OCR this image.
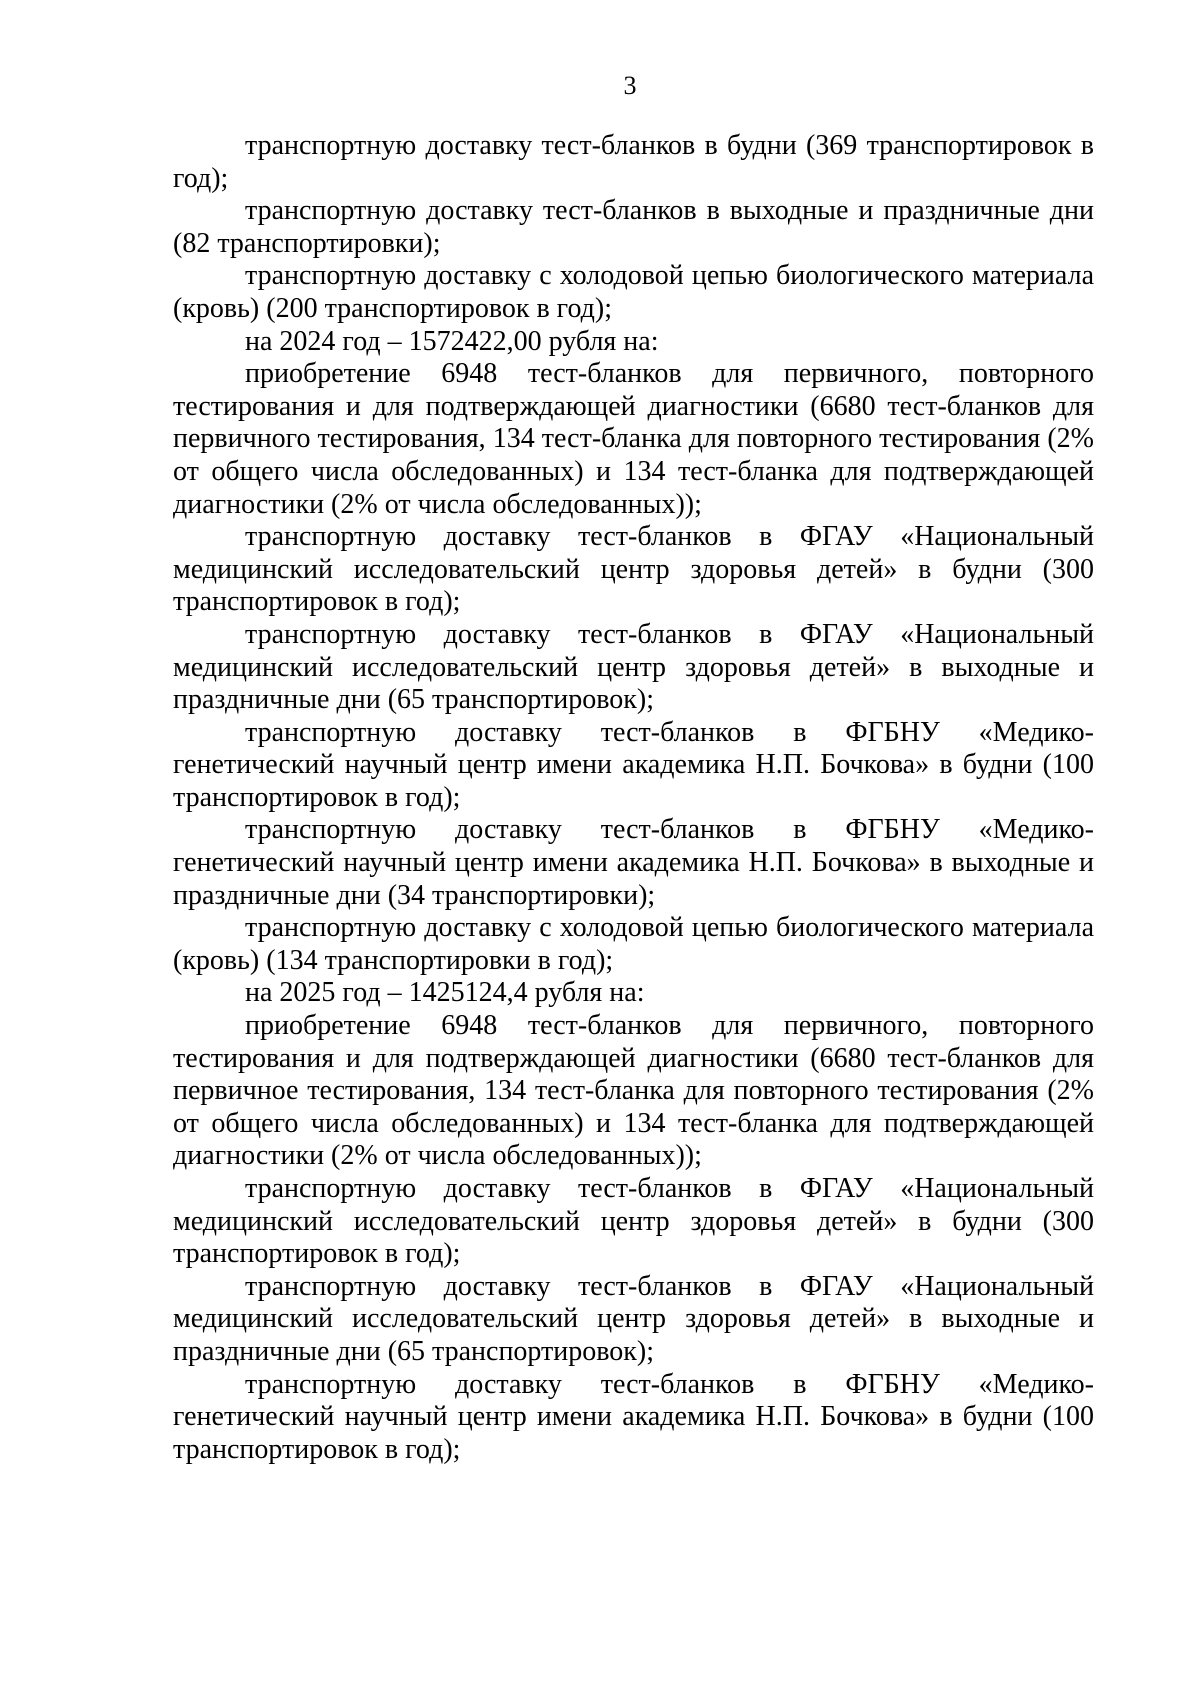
3

транспортную доставку тест-бланков в будни (369 транспортировок в год);

транспортную доставку тест-бланков в выходные и праздничные дни (82 транспортировки);

транспортную доставку с холодовой цепью биологического материала (кровь) (200 транспортировок в год);

на 2024 год – 1572422,00 рубля на:

приобретение 6948 тест-бланков для первичного, повторного тестирования и для подтверждающей диагностики (6680 тест-бланков для первичного тестирования, 134 тест-бланка для повторного тестирования (2% от общего числа обследованных) и 134 тест-бланка для подтверждающей диагностики (2% от числа обследованных));

транспортную доставку тест-бланков в ФГАУ «Национальный медицинский исследовательский центр здоровья детей» в будни (300 транспортировок в год);

транспортную доставку тест-бланков в ФГАУ «Национальный медицинский исследовательский центр здоровья детей» в выходные и праздничные дни (65 транспортировок);

транспортную доставку тест-бланков в ФГБНУ «Медико-генетический научный центр имени академика Н.П. Бочкова» в будни (100 транспортировок в год);

транспортную доставку тест-бланков в ФГБНУ «Медико-генетический научный центр имени академика Н.П. Бочкова» в выходные и праздничные дни (34 транспортировки);

транспортную доставку с холодовой цепью биологического материала (кровь) (134 транспортировки в год);

на 2025 год – 1425124,4 рубля на:

приобретение 6948 тест-бланков для первичного, повторного тестирования и для подтверждающей диагностики (6680 тест-бланков для первичное тестирования, 134 тест-бланка для повторного тестирования (2% от общего числа обследованных) и 134 тест-бланка для подтверждающей диагностики (2% от числа обследованных));

транспортную доставку тест-бланков в ФГАУ «Национальный медицинский исследовательский центр здоровья детей» в будни (300 транспортировок в год);

транспортную доставку тест-бланков в ФГАУ «Национальный медицинский исследовательский центр здоровья детей» в выходные и праздничные дни (65 транспортировок);

транспортную доставку тест-бланков в ФГБНУ «Медико-генетический научный центр имени академика Н.П. Бочкова» в будни (100 транспортировок в год);
